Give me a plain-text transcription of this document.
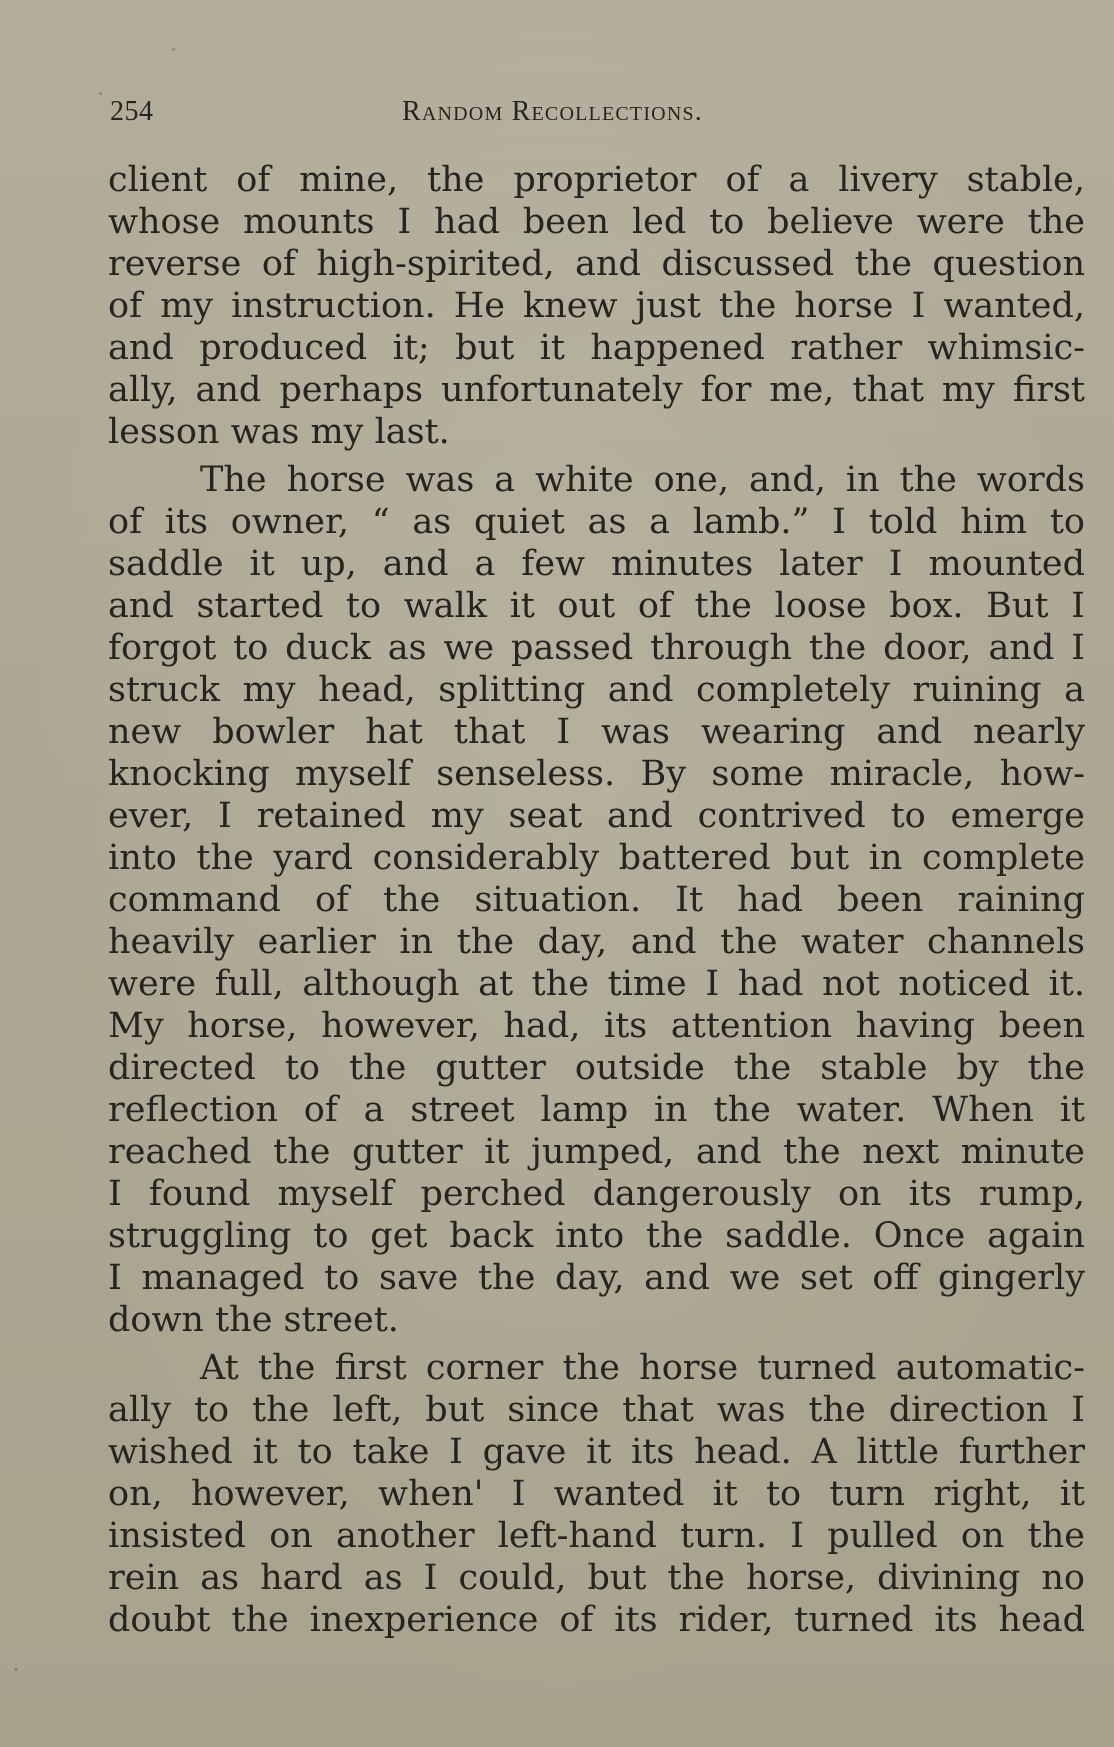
254	Random Recollections.
client of mine, the proprietor of a livery stable,
whose mounts I had been led to believe were the
reverse of high-spirited, and discussed the question
of my instruction. He knew just the horse I wanted,
and produced it; but it happened rather whimsic-
ally, and perhaps unfortunately for me, that my first
lesson was my last.
The horse was a white one, and, in the words
of its owner, “ as quiet as a lamb.” I told him to
saddle it up, and a few minutes later I mounted
and started to walk it out of the loose box. But I
forgot to duck as we passed through the door, and I
struck my head, splitting and completely ruining a
new bowler hat that I was wearing and nearly
knocking myself senseless. By some miracle, how-
ever, I retained my seat and contrived to emerge
into the yard considerably battered but in complete
command of the situation. It had been raining
heavily earlier in the day, and the water channels
were full, although at the time I had not noticed it.
My horse, however, had, its attention having been
directed to the gutter outside the stable by the
reflection of a street lamp in the water. When it
reached the gutter it jumped, and the next minute
I found myself perched dangerously on its rump,
struggling to get back into the saddle. Once again
I managed to save the day, and we set off gingerly
down the street.
At the first corner the horse turned automatic-
ally to the left, but since that was the direction I
wished it to take I gave it its head. A little further
on, however, when' I wanted it to turn right, it
insisted on another left-hand turn. I pulled on the
rein as hard as I could, but the horse, divining no
doubt the inexperience of its rider, turned its head
